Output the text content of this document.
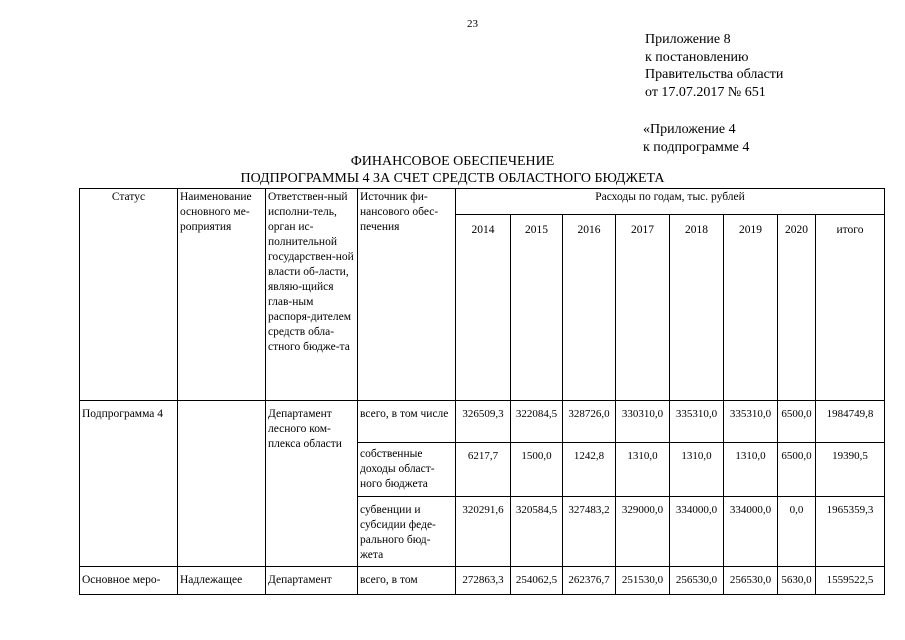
23
Приложение 8
к постановлению
Правительства области
от 17.07.2017 № 651
«Приложение 4
к подпрограмме 4
ФИНАНСОВОЕ ОБЕСПЕЧЕНИЕ
ПОДПРОГРАММЫ 4 ЗА СЧЕТ СРЕДСТВ ОБЛАСТНОГО БЮДЖЕТА
Статус	Наименование основного ме-роприятия	Ответствен-ный исполни-тель, орган ис-полнительной государствен-ной власти об-ласти, являю-щийся глав-ным распоря-дителем средств обла-стного бюдже-та	Источник фи-нансового обес-печения	Расходы по годам, тыс. рублей							
				2014	2015	2016	2017	2018	2019	2020	итого
Подпрограмма 4		Департамент лесного ком-плекса области	всего, в том числе	326509,3	322084,5	328726,0	330310,0	335310,0	335310,0	6500,0	1984749,8
			собственные доходы област-ного бюджета	6217,7	1500,0	1242,8	1310,0	1310,0	1310,0	6500,0	19390,5
			субвенции и субсидии феде-рального бюд-жета	320291,6	320584,5	327483,2	329000,0	334000,0	334000,0	0,0	1965359,3
Основное меро-	Надлежащее	Департамент	всего, в том	272863,3	254062,5	262376,7	251530,0	256530,0	256530,0	5630,0	1559522,5
